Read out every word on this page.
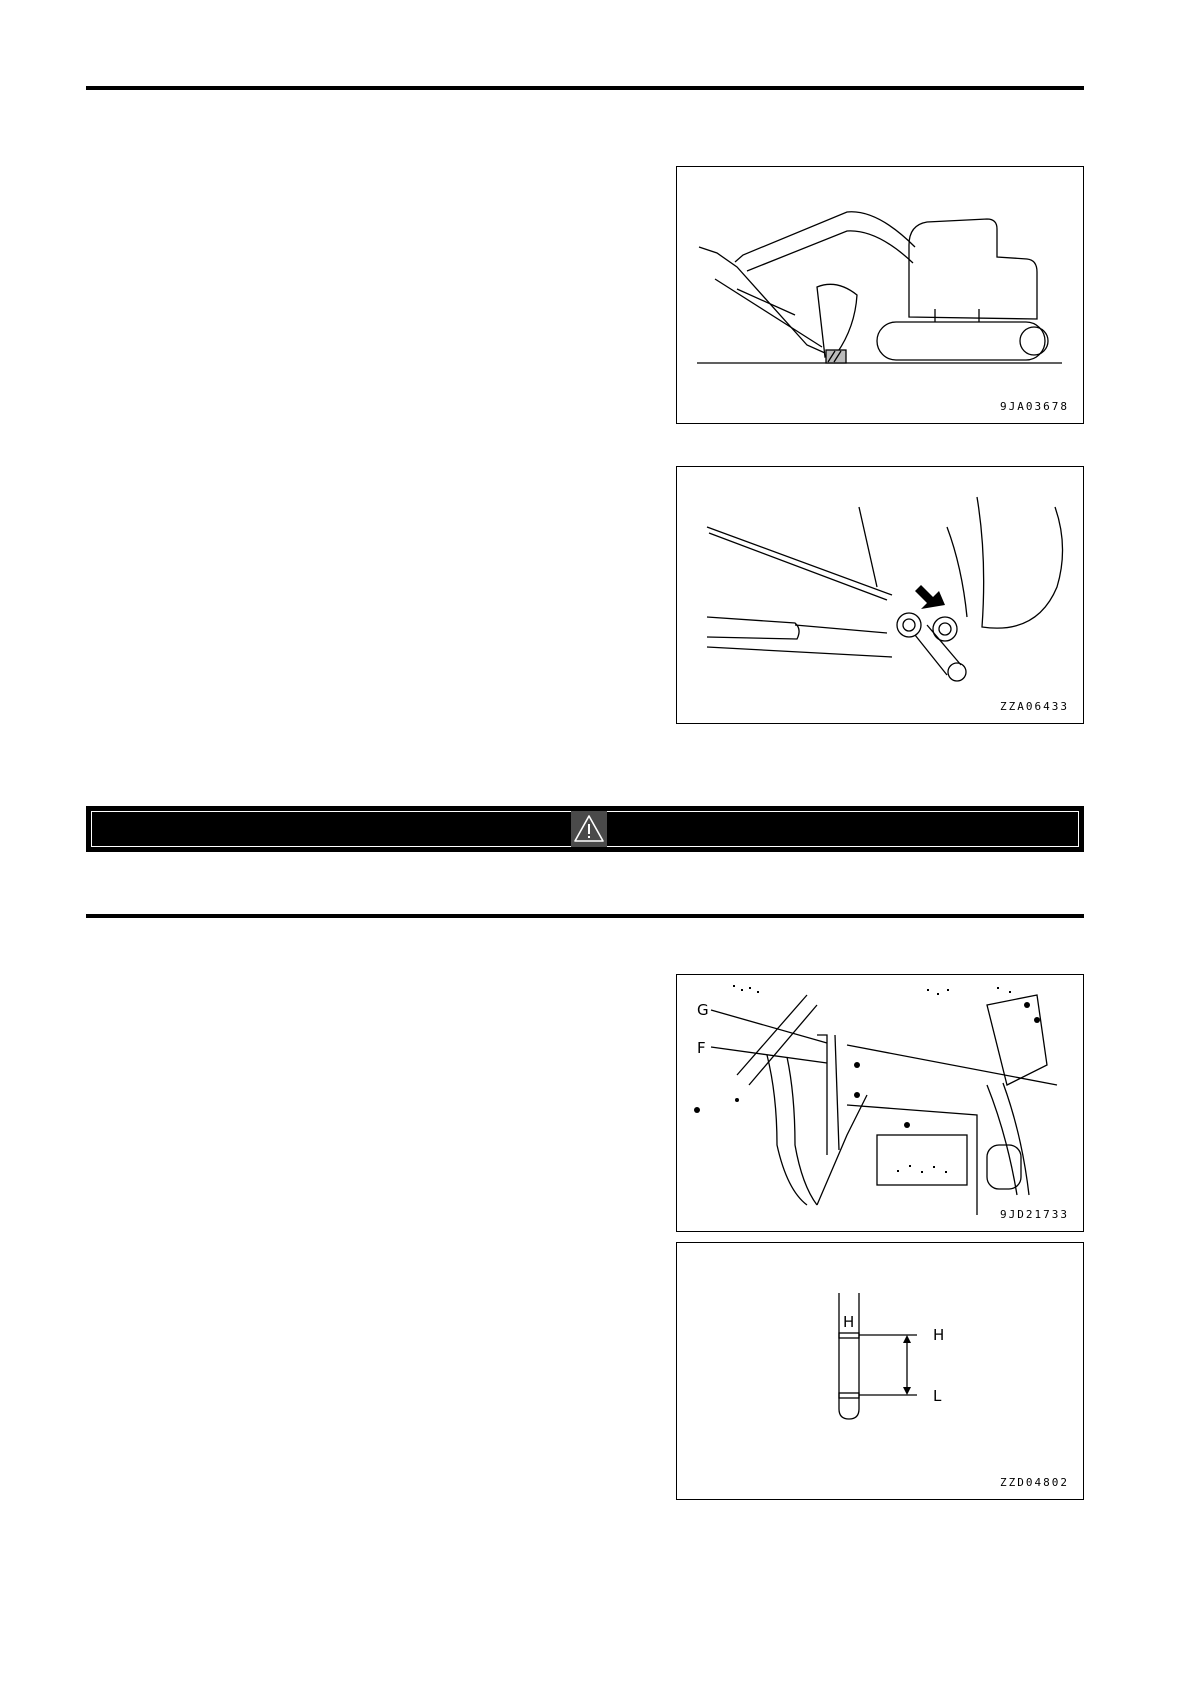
9JA03678
ZZA06433
G
F
9JD21733
H
H
L
ZZD04802
